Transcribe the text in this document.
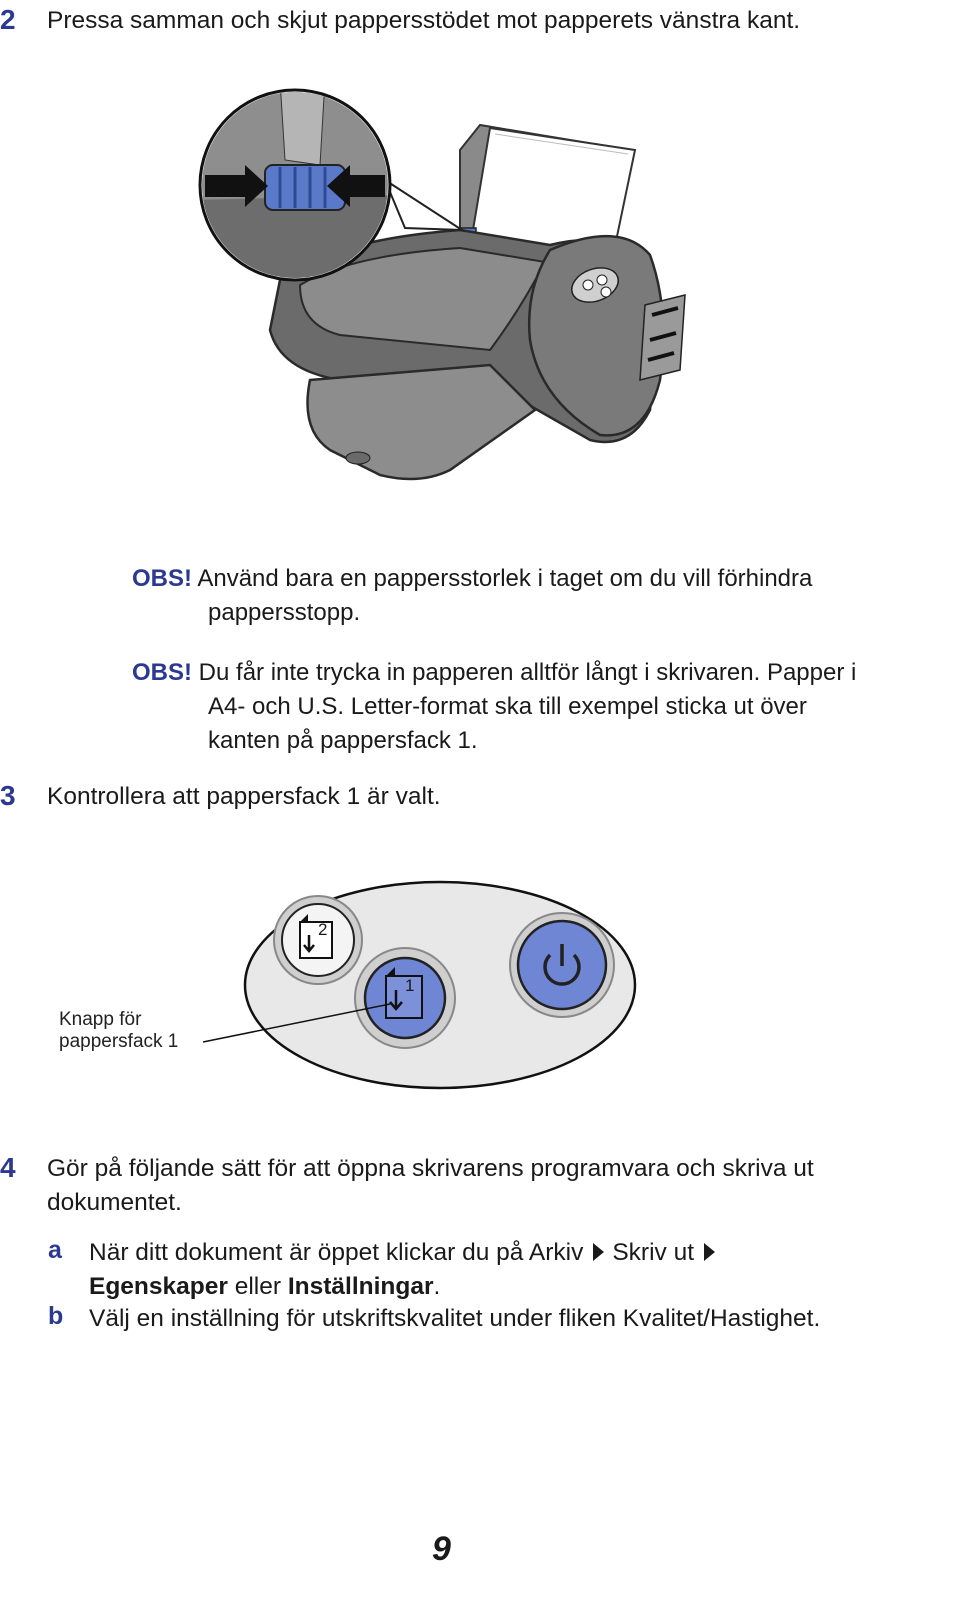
2 Pressa samman och skjut pappersstödet mot papperets vänstra kant.
OBS! Använd bara en pappersstorlek i taget om du vill förhindra
pappersstopp.
OBS! Du får inte trycka in papperen alltför långt i skrivaren. Papper i
A4- och U.S. Letter-format ska till exempel sticka ut över
kanten på pappersfack 1.
3 Kontrollera att pappersfack 1 är valt.
2
1
Knapp för
pappersfack 1
4 Gör på följande sätt för att öppna skrivarens programvara och skriva ut
dokumentet.
a När ditt dokument är öppet klickar du på Arkiv Skriv ut
Egenskaper eller Inställningar.
b Välj en inställning för utskriftskvalitet under fliken Kvalitet/Hastighet.
9
